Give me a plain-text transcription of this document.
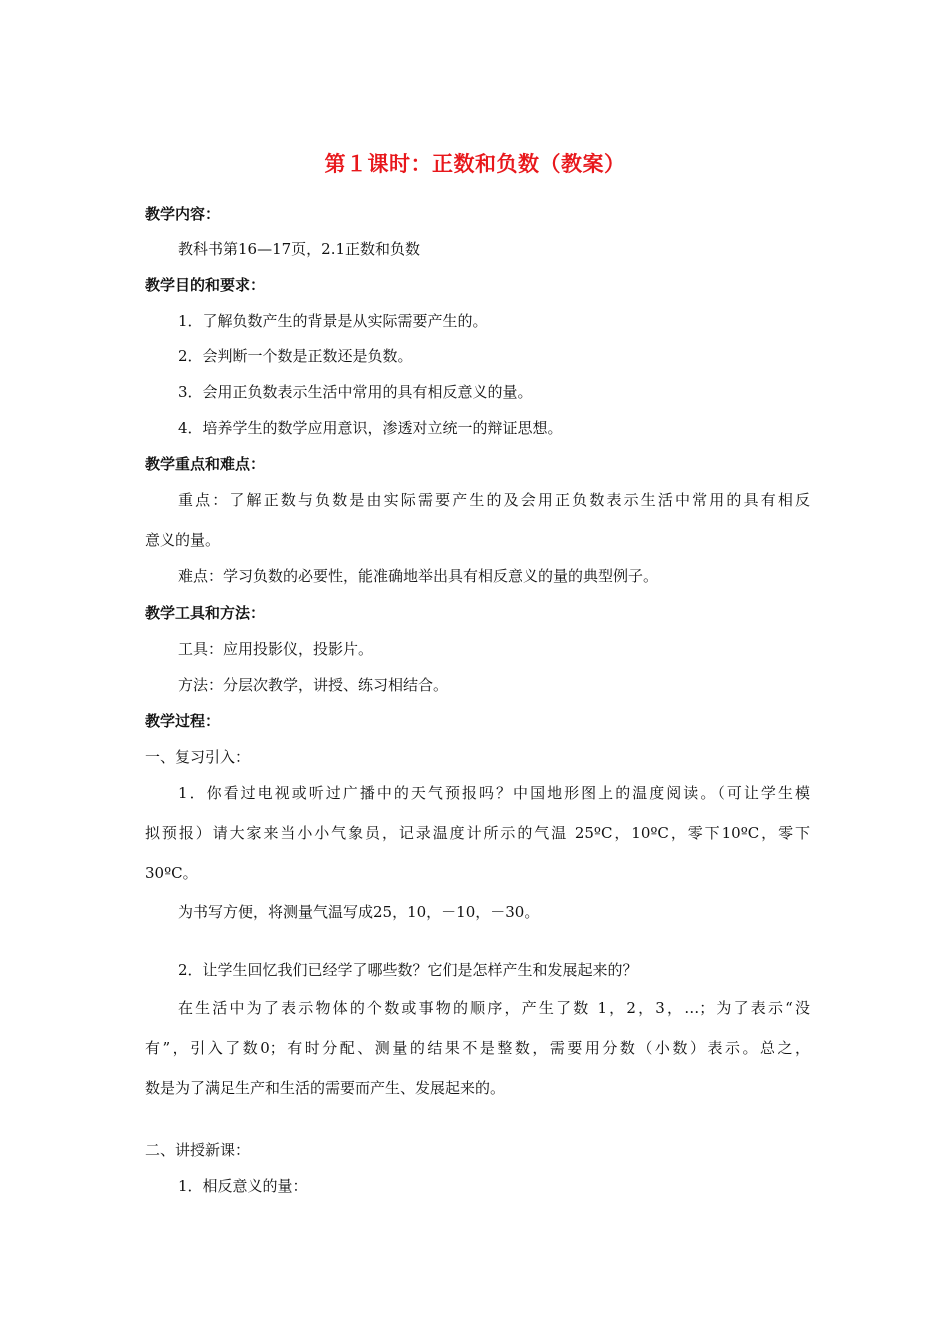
第１课时：正数和负数（教案）
教学内容：
教科书第16—17页，2.1正数和负数
教学目的和要求：
1．了解负数产生的背景是从实际需要产生的。
2．会判断一个数是正数还是负数。
3．会用正负数表示生活中常用的具有相反意义的量。
4．培养学生的数学应用意识，渗透对立统一的辩证思想。
教学重点和难点：
重点：了解正数与负数是由实际需要产生的及会用正负数表示生活中常用的具有相反
意义的量。
难点：学习负数的必要性，能准确地举出具有相反意义的量的典型例子。
教学工具和方法：
工具：应用投影仪，投影片。
方法：分层次教学，讲授、练习相结合。
教学过程：
一、复习引入：
1．你看过电视或听过广播中的天气预报吗？中国地形图上的温度阅读。（可让学生模
拟预报）请大家来当小小气象员，记录温度计所示的气温 25ºC，10ºC，零下10ºC，零下
30ºC。
为书写方便，将测量气温写成25，10，－10，－30。
2．让学生回忆我们已经学了哪些数？它们是怎样产生和发展起来的？
在生活中为了表示物体的个数或事物的顺序，产生了数 1，2，3，…；为了表示“没
有”，引入了数0；有时分配、测量的结果不是整数，需要用分数（小数）表示。总之，
数是为了满足生产和生活的需要而产生、发展起来的。
二、讲授新课：
1．相反意义的量：
